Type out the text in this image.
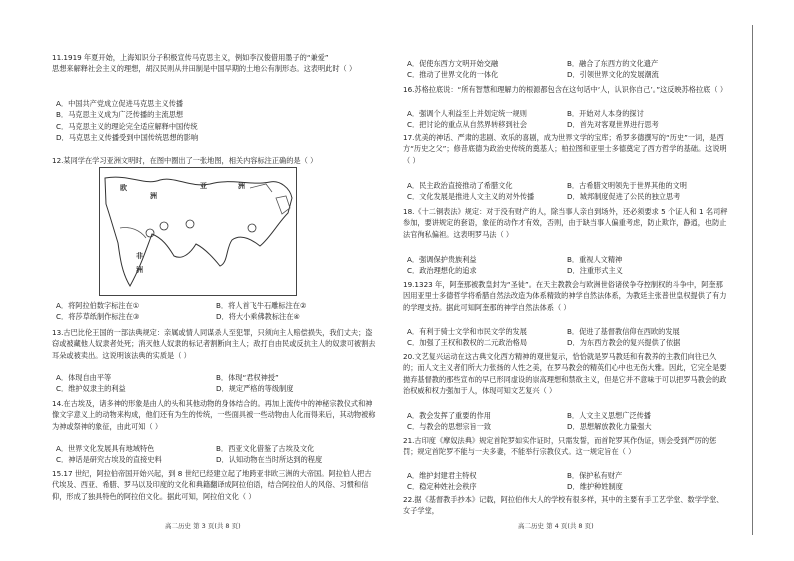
11.1919 年夏开始，上海知识分子积极宣传马克思主义，例如李汉俊借用墨子的“兼爱”
思想来解释社会主义的理想，胡汉民则从井田制是中国早期的土地公有制形态。这表明此时（ ）
A．中国共产党成立促进马克思主义传播
B．马克思主义成为广泛传播的主流思想
C．马克思主义的理论完全适应解释中国传统
D．马克思主义传播受到中国传统思想的影响
12.某同学在学习亚洲文明时，在图中圈出了一张地图，相关内容标注正确的是（ ）
欧
洲
亚	洲
非
洲
A．将阿拉伯数字标注在①	B．将人首飞牛石雕标注在②
C．将莎草纸制作标注在③	D．将大小乘佛教标注在④
13.古巴比伦王国的一部法典规定：亲属或情人同谋杀人至犯罪，只须向主人赔偿损失，我们丈夫；盗窃或被藏他人奴隶者处死；消灭他人奴隶的标记者割断向主人；敌打自由民或反抗主人的奴隶可被割去耳朵或被卖出。这说明该法典的实质是（ ）
A．体现自由平等	B．体现“君权神授”
C．维护奴隶主的利益	D．规定严格的等级制度
14.在古埃及，诸多神的形象是由人的头和其他动物的身体结合的。再加上流传中的神秘宗教仪式和神像文字意义上的动物来构成，他们还有为生的传统，一些面具被一些动物由人化而得来后，其动物被称为神或祭神的象征，由此可知（ ）
A．世界文化发展具有地域特色	B．西亚文化借鉴了古埃及文化
C．神话是研究古埃及的直接史料	D．认知动物在当时所达到的程度
15.17 世纪，阿拉伯帝国开始兴起，到 8 世纪已经建立起了地跨亚非欧三洲的大帝国。阿拉伯人把古代埃及、西亚、希腊、罗马以及印度的文化和典籍翻译成阿拉伯语，结合阿拉伯人的风俗、习惯和信仰，形成了独具特色的阿拉伯文化。据此可知，阿拉伯文化（ ）
高二历史 第 3 页(共 8 页)
A．促使东西方文明开始交融	B．融合了东西方的文化遗产
C．推动了世界文化的一体化	D．引领世界文化的发展潮流
16.苏格拉底说：“所有智慧和理解力的根源都包含在这句话中‘人，认识你自己’。”这反映苏格拉底（ ）
A．强调个人利益至上并划定统一规则	B．开始对人本身的探讨
C．把讨论的重点从自然界转移到社会	D．首先对客观世界进行思考
17.优美的神话、严肃的悲剧、欢乐的喜剧，成为世界文学的宝库；希罗多德撰写的“历史”一词，是西方“历史之父”；修昔底德为政治史传统的奠基人；柏拉图和亚里士多德奠定了西方哲学的基础。这说明（ ）
A．民主政治直接推动了希腊文化	B．古希腊文明领先于世界其他的文明
C．文化发展是推进人文主义的对外传播	D．城邦制度促进了公民的独立思考
18.《十二铜表法》规定：对于没有财产的人，除当事人亲自到场外，还必须要求 5 个证人和 1 名司秤参加，要讲规定的套语，象征的动作才有效，否则，由于缺当事人偏重考虑，防止欺诈，静逍，也防止法官徇私偏袒。这表明罗马法（ ）
A．强调保护贵族利益	B．重视人文精神
C．政治理想化的追求	D．注重形式主义
19.1323 年，阿奎那被教皇封为“圣徒”。在天主教教会与欧洲世俗诸侯争夺控制权的斗争中，阿奎那因用亚里士多德哲学将希腊自然法改造为体系精致的神学自然法体系，为教廷主张普世皇权提供了有力的学理支持。据此可知阿奎那的神学自然法体系（ ）
A．有利于骑士文学和市民文学的发展	B．促进了基督教信仰在西欧的发展
C．加强了王权和教权的二元政治格局	D．为东西方教会的复兴提供了依据
20.文艺复兴运动在这古典文化西方精神的观世复示，恰恰就是罗马教廷和有教养的主教们向往已久的；而人文主义者们所大力张扬的人性之美，在罗马教会的精英们心中也无伤大雅。因此，它完全是要拋弃基督教的那些宣布的早已形同虚设的崇高理想和禁欲主义，但是它并不意味于可以把罗马教会的政治权威和权力强加于人，体现可知文艺复兴（ ）
A．教会发挥了重要的作用	B．人文主义思想广泛传播
C．与教会的思想宗旨一致	D．思想解放教化力量强大
21.古印度《摩奴法典》规定首陀罗如实作证时，只需发誓，而首陀罗其作伪证，则会受到严厉的惩罚；规定首陀罗不能与一夫多妻，不能举行宗教仪式。这一规定旨在（ ）
A．维护封建君主特权	B．保护私有财产
C．稳定种姓社会秩序	D．维护种姓制度
22.据《基督教手抄本》记载，阿拉伯伟大人的学校有很多样，其中的主要有手工艺学堂、数学学堂、女子学堂，
高二历史 第 4 页(共 8 页)
